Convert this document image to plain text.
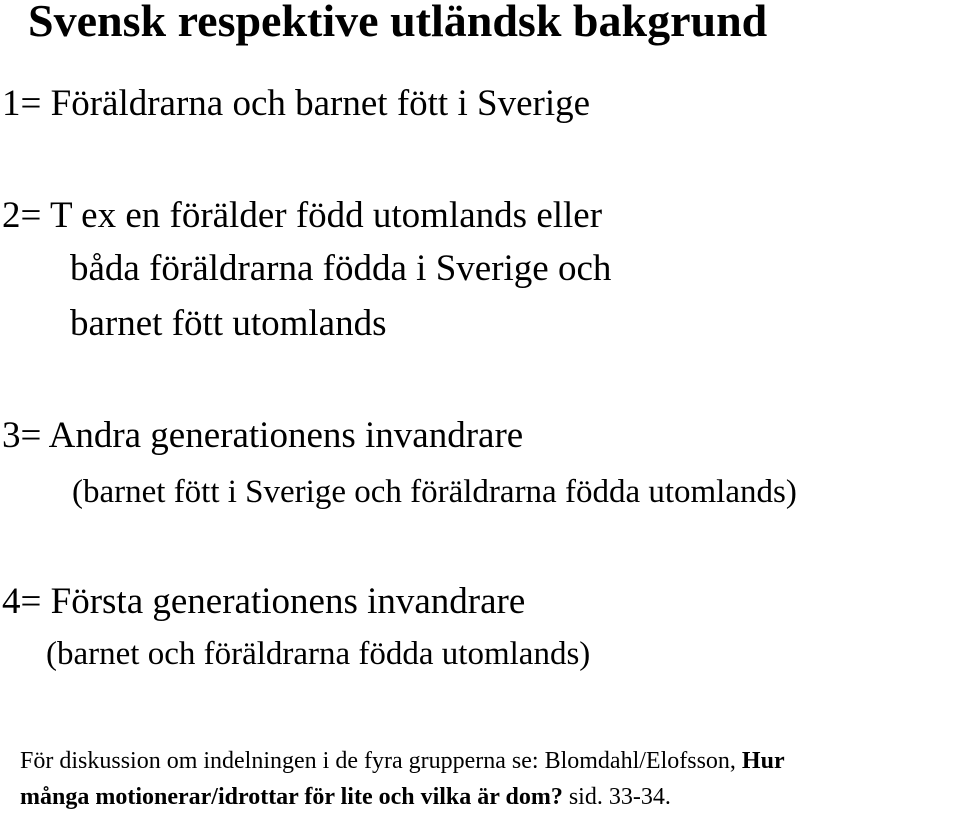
Svensk respektive utländsk bakgrund
1= Föräldrarna och barnet fött i Sverige
2= T ex en förälder född utomlands eller
båda föräldrarna födda i Sverige och
barnet fött utomlands
3= Andra generationens invandrare
(barnet fött i Sverige och föräldrarna födda utomlands)
4= Första generationens invandrare
(barnet och föräldrarna födda utomlands)
För diskussion om indelningen i de fyra grupperna se: Blomdahl/Elofsson, Hur
många motionerar/idrottar för lite och vilka är dom? sid. 33-34.
